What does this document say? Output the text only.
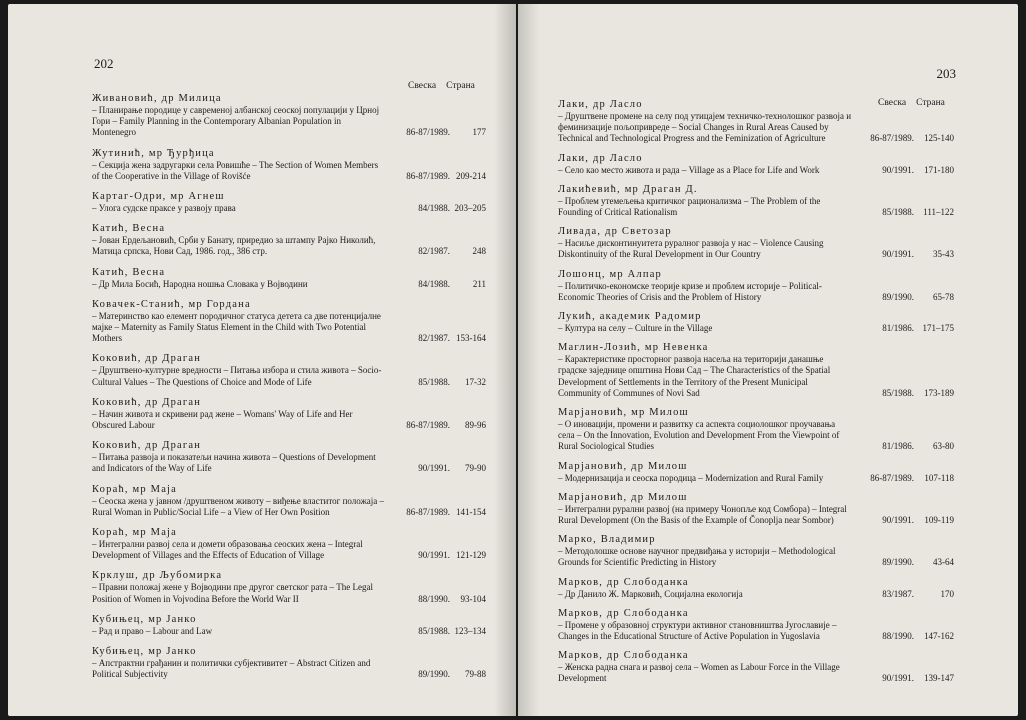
202
Свеска Страна
Живановић, др Милица
– Планирање породице у савременој албанској сеоској популацији у Црној Гори – Family Planning in the Contemporary Albanian Population in Montenegro	86-87/1989.	177
Жутинић, мр Ђурђица
– Секција жена задругарки села Ровишће – The Section of Women Members of the Cooperative in the Village of Rovišće	86-87/1989. 209-214
Картаг-Одри, мр Агнеш
– Улога судске праксе у развоју права	84/1988. 203–205
Катић, Весна
– Јован Ердељановић, Срби у Банату, приредио за штампу Рајко Николић, Матица српска, Нови Сад, 1986. год., 386 стр.	82/1987.	248
Катић, Весна
– Др Мила Босић, Народна ношња Словака у Војводини	84/1988.	211
Ковачек-Станић, мр Гордана
– Материнство као елемент породичног статуса детета са две потенцијалне мајке – Maternity as Family Status Element in the Child with Two Potential Mothers	82/1987. 153-164
Коковић, др Драган
– Друштвено-културне вредности – Питања избора и стила живота – Socio-Cultural Values – The Questions of Choice and Mode of Life	85/1988.	17-32
Коковић, др Драган
– Начин живота и скривени рад жене – Womans' Way of Life and Her Obscured Labour	86-87/1989.	89-96
Коковић, др Драган
– Питања развоја и показатељи начина живота – Questions of Development and Indicators of the Way of Life	90/1991.	79-90
Кораћ, мр Маја
– Сеоска жена у јавном /друштвеном животу – виђење властитог положаја – Rural Woman in Public/Social Life – a View of Her Own Position	86-87/1989. 141-154
Кораћ, мр Маја
– Интегрални развој села и домети образовања сеоских жена – Integral Development of Villages and the Effects of Education of Village	90/1991. 121-129
Крклуш, др Љубомирка
– Правни положај жене у Војводини пре другог светског рата – The Legal Position of Women in Vojvodina Before the World War II	88/1990.	93-104
Кубињец, мр Јанко
– Рад и право – Labour and Law	85/1988. 123–134
Кубињец, мр Јанко
– Апстрактни грађанин и политички субјективитет – Abstract Citizen and Political Subjectivity	89/1990.	79-88
203
Свеска Страна
Лаки, др Ласло
– Друштвене промене на селу под утицајем техничко-технолошког развоја и феминизације пољопривреде – Social Changes in Rural Areas Caused by Technical and Technological Progress and the Feminization of Agriculture	86-87/1989.	125-140
Лаки, др Ласло
– Село као место живота и рада – Village as a Place for Life and Work	90/1991.	171-180
Лакићевић, мр Драган Д.
– Проблем утемељења критичког рационализма – The Problem of the Founding of Critical Rationalism	85/1988.	111–122
Ливада, др Светозар
– Насиље дисконтинуитета руралног развоја у нас – Violence Causing Diskontinuity of the Rural Development in Our Country	90/1991.	35-43
Лошонц, мр Алпар
– Политичко-економске теорије кризе и проблем историје – Political-Economic Theories of Crisis and the Problem of History	89/1990.	65-78
Лукић, академик Радомир
– Култура на селу – Culture in the Village	81/1986. 171–175
Маглин-Лозић, мр Невенка
– Карактеристике просторног развоја насеља на територији данашње градске заједнице општина Нови Сад – The Characteristics of the Spatial Development of Settlements in the Territory of the Present Municipal Community of Communes of Novi Sad	85/1988.	173-189
Марјановић, мр Милош
– О иновацији, промени и развитку са аспекта социолошког проучавања села – On the Innovation, Evolution and Development From the Viewpoint of Rural Sociological Studies	81/1986.	63-80
Марјановић, др Милош
– Модернизација и сеоска породица – Modernization and Rural Family	86-87/1989.	107-118
Марјановић, др Милош
– Интегрални рурални развој (на примеру Чонопље код Сомбора) – Integral Rural Development (On the Basis of the Example of Čonoplja near Sombor)	90/1991.	109-119
Марко, Владимир
– Методолошке основе научног предвиђања у историји – Methodological Grounds for Scientific Predicting in History	89/1990.	43-64
Марков, др Слободанка
– Др Данило Ж. Марковић, Социјална екологија	83/1987.	170
Марков, др Слободанка
– Промене у образовној структури активног становништва Југославије – Changes in the Educational Structure of Active Population in Yugoslavia	88/1990.	147-162
Марков, др Слободанка
– Женска радна снага и развој села – Women as Labour Force in the Village Development	90/1991.	139-147
